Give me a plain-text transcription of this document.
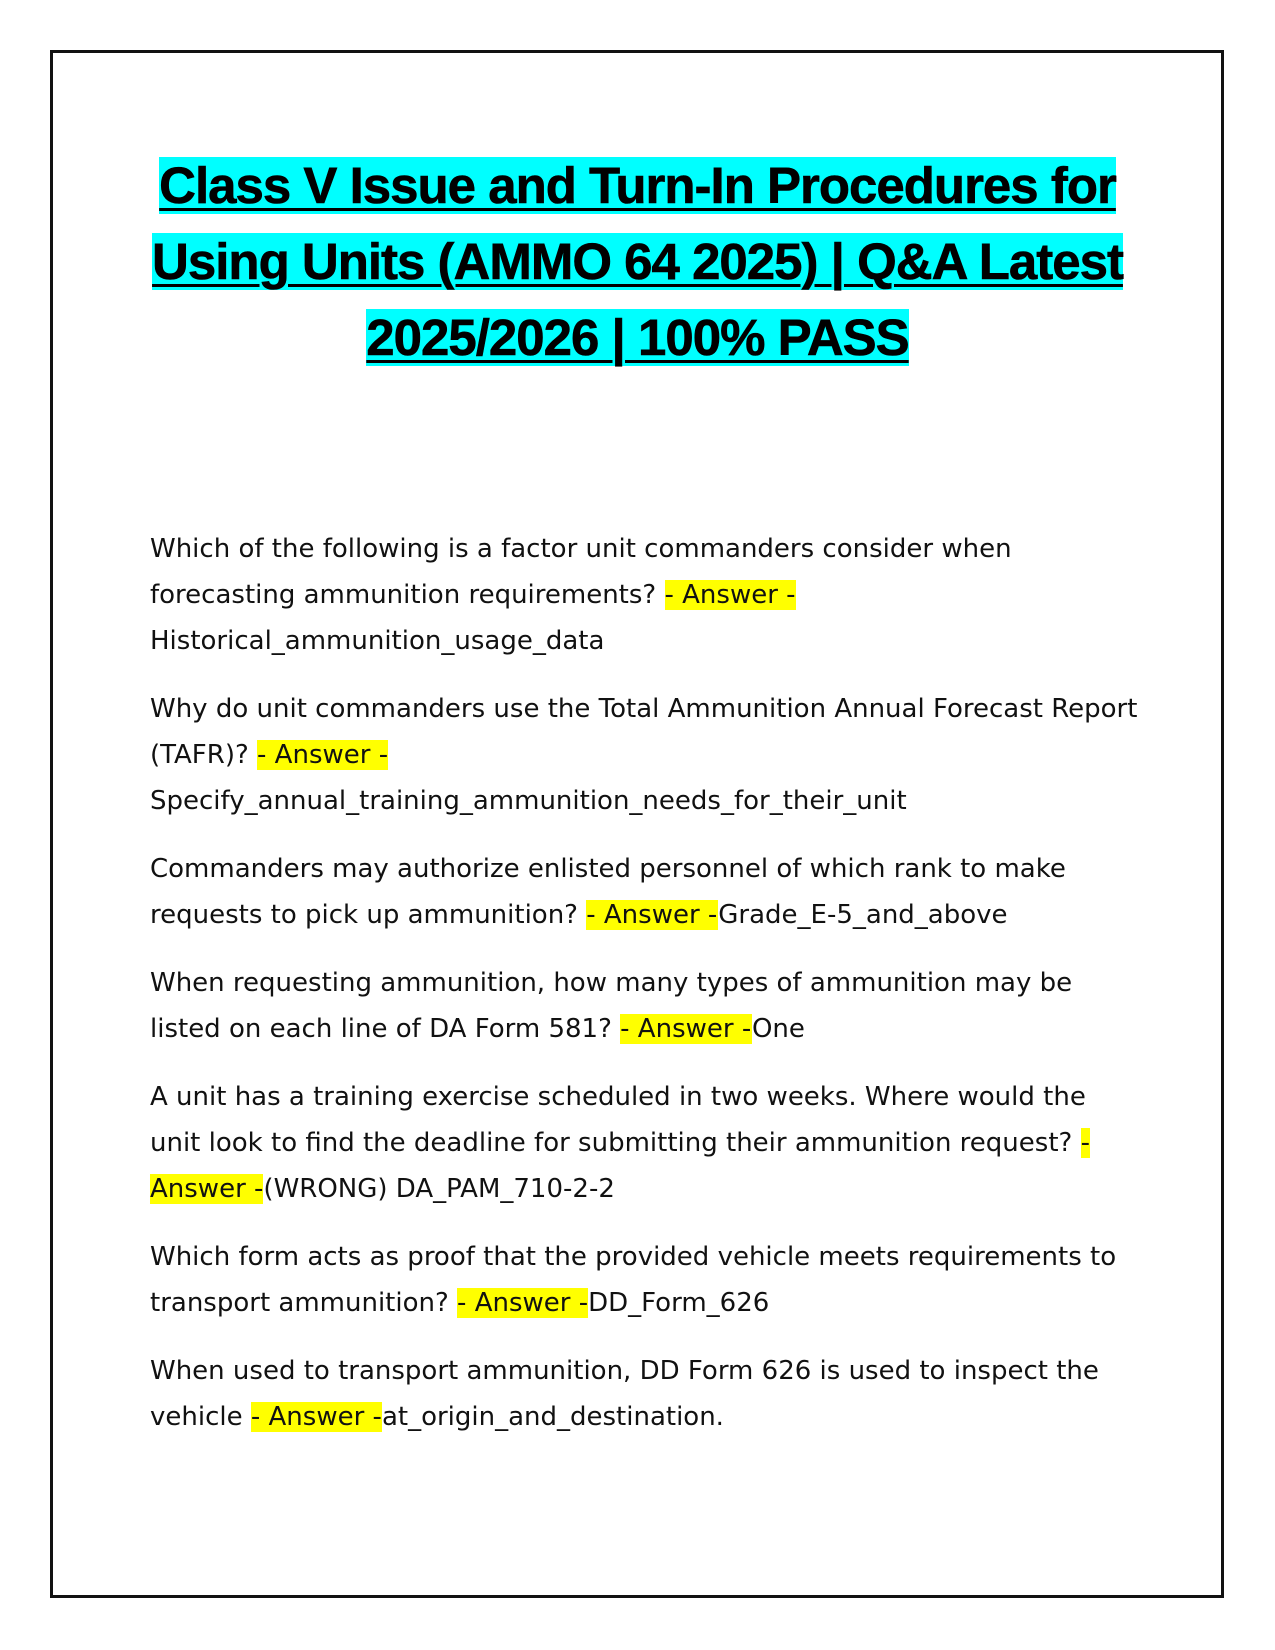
Class V Issue and Turn-In Procedures for Using Units (AMMO 64 2025) | Q&A Latest 2025/2026 | 100% PASS

Which of the following is a factor unit commanders consider when forecasting ammunition requirements? - Answer - Historical_ammunition_usage_data

Why do unit commanders use the Total Ammunition Annual Forecast Report (TAFR)? - Answer - Specify_annual_training_ammunition_needs_for_their_unit

Commanders may authorize enlisted personnel of which rank to make requests to pick up ammunition? - Answer -Grade_E-5_and_above

When requesting ammunition, how many types of ammunition may be listed on each line of DA Form 581? - Answer -One

A unit has a training exercise scheduled in two weeks. Where would the unit look to find the deadline for submitting their ammunition request? - Answer -(WRONG) DA_PAM_710-2-2

Which form acts as proof that the provided vehicle meets requirements to transport ammunition? - Answer -DD_Form_626

When used to transport ammunition, DD Form 626 is used to inspect the vehicle - Answer -at_origin_and_destination.
